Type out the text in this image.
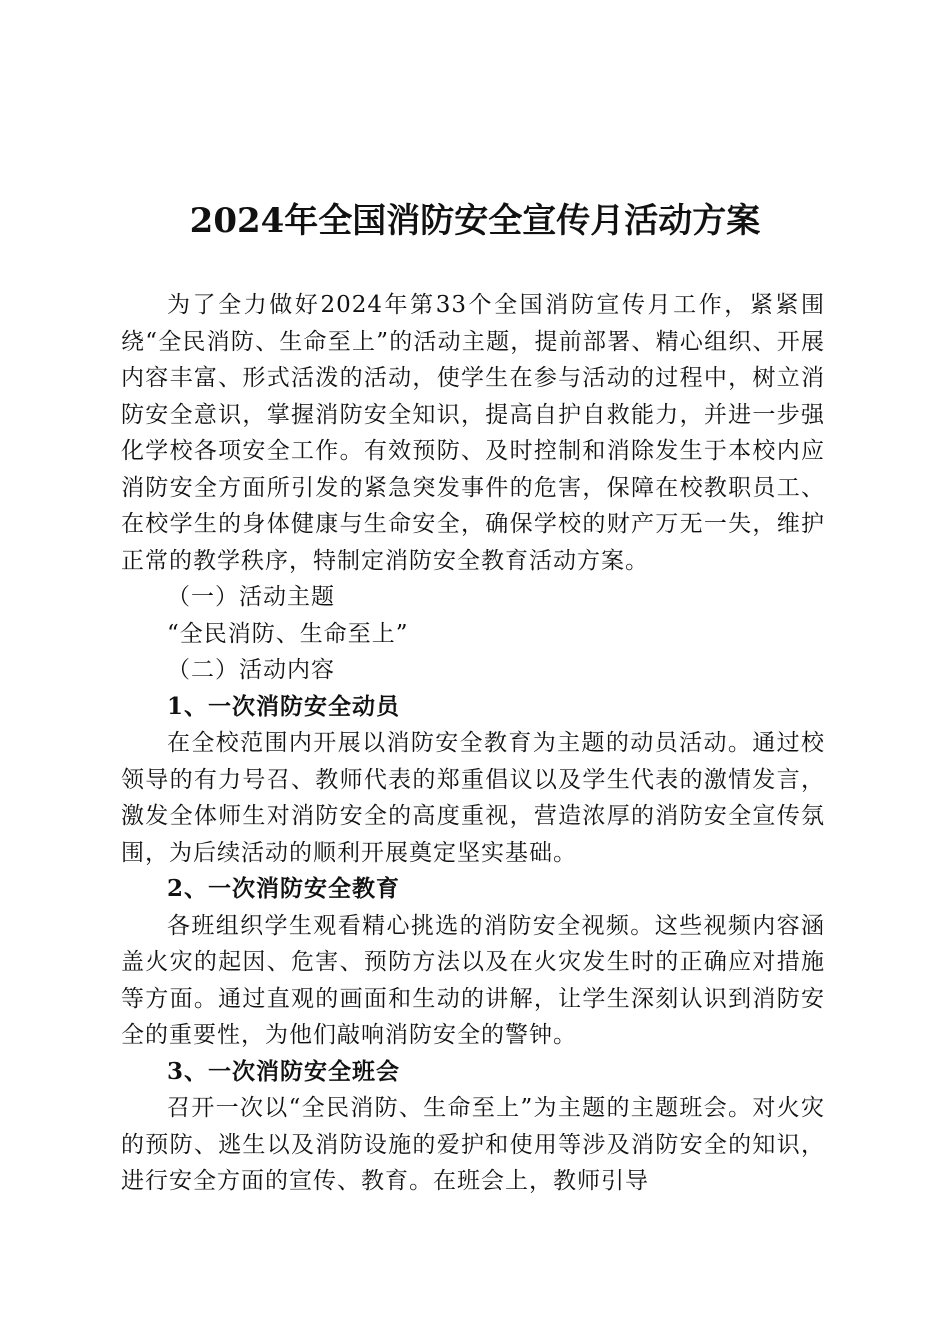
2024年全国消防安全宣传月活动方案

为了全力做好2024年第33个全国消防宣传月工作，紧紧围绕“全民消防、生命至上”的活动主题，提前部署、精心组织、开展内容丰富、形式活泼的活动，使学生在参与活动的过程中，树立消防安全意识，掌握消防安全知识，提高自护自救能力，并进一步强化学校各项安全工作。有效预防、及时控制和消除发生于本校内应消防安全方面所引发的紧急突发事件的危害，保障在校教职员工、在校学生的身体健康与生命安全，确保学校的财产万无一失，维护正常的教学秩序，特制定消防安全教育活动方案。

（一）活动主题

“全民消防、生命至上”

（二）活动内容

1、一次消防安全动员

在全校范围内开展以消防安全教育为主题的动员活动。通过校领导的有力号召、教师代表的郑重倡议以及学生代表的激情发言，激发全体师生对消防安全的高度重视，营造浓厚的消防安全宣传氛围，为后续活动的顺利开展奠定坚实基础。

2、一次消防安全教育

各班组织学生观看精心挑选的消防安全视频。这些视频内容涵盖火灾的起因、危害、预防方法以及在火灾发生时的正确应对措施等方面。通过直观的画面和生动的讲解，让学生深刻认识到消防安全的重要性，为他们敲响消防安全的警钟。

3、一次消防安全班会

召开一次以“全民消防、生命至上”为主题的主题班会。对火灾的预防、逃生以及消防设施的爱护和使用等涉及消防安全的知识，进行安全方面的宣传、教育。在班会上，教师引导
